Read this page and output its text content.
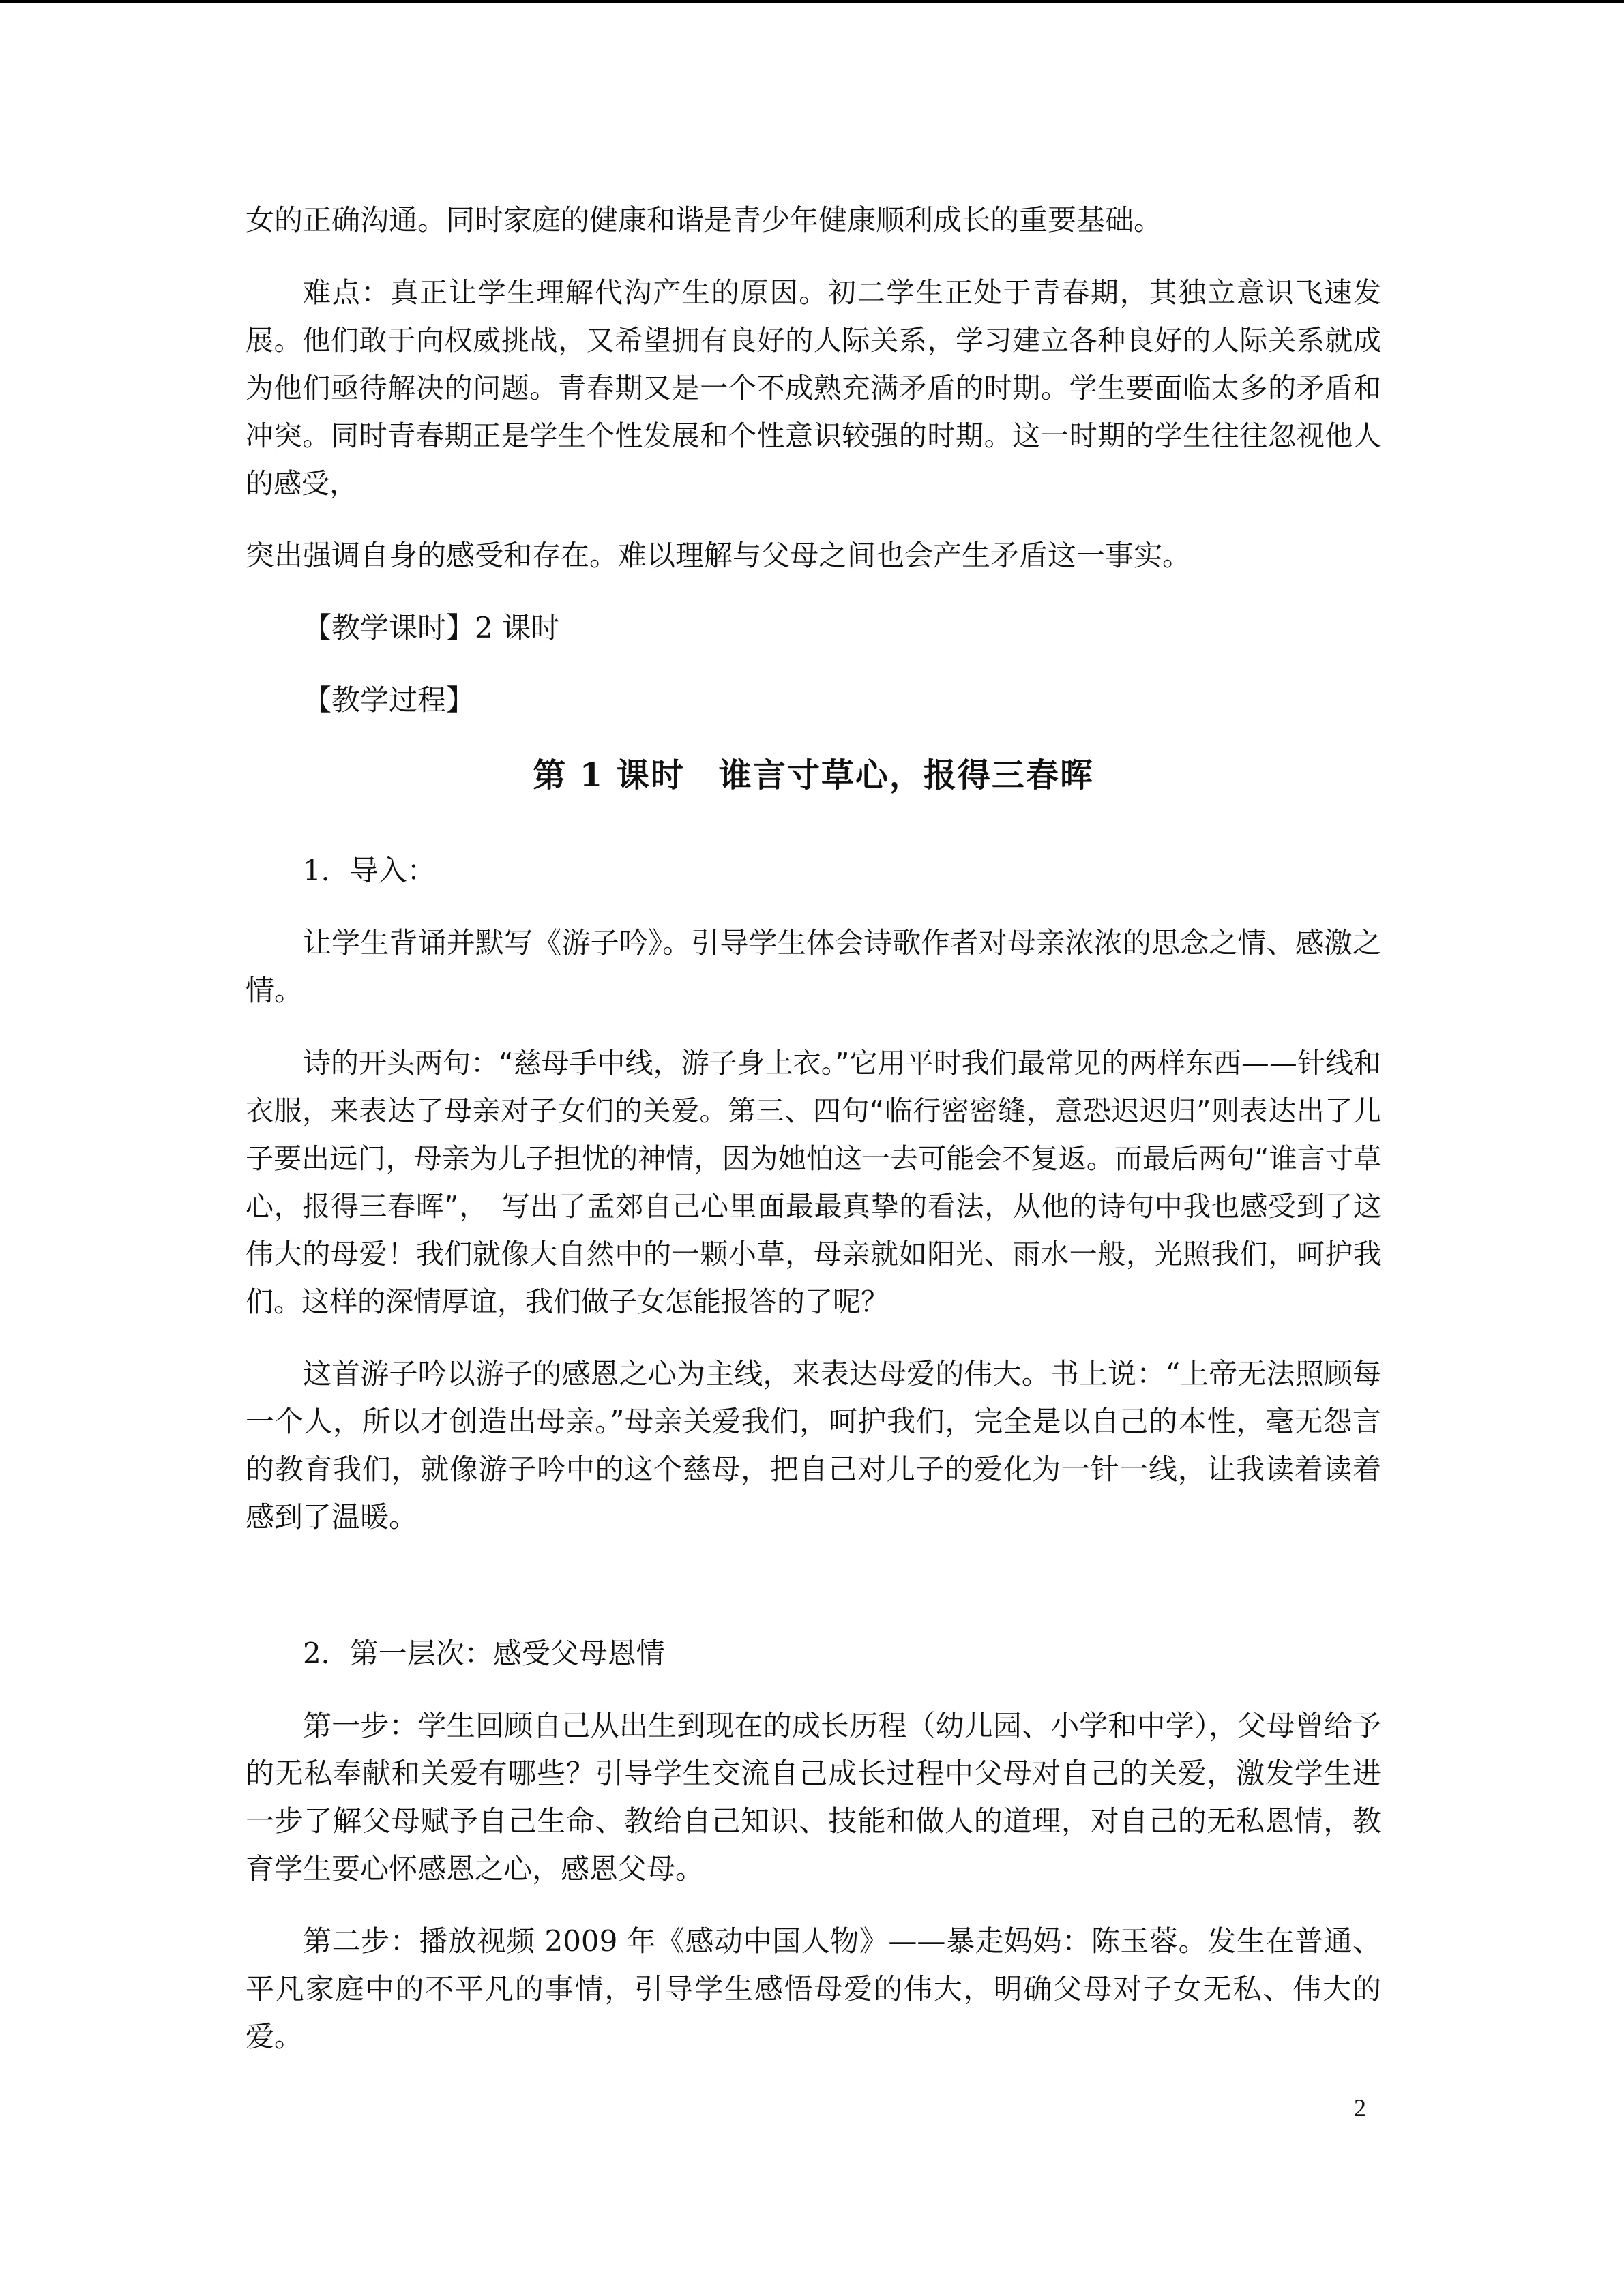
女的正确沟通。同时家庭的健康和谐是青少年健康顺利成长的重要基础。

难点：真正让学生理解代沟产生的原因。初二学生正处于青春期，其独立意识飞速发展。他们敢于向权威挑战，又希望拥有良好的人际关系，学习建立各种良好的人际关系就成为他们亟待解决的问题。青春期又是一个不成熟充满矛盾的时期。学生要面临太多的矛盾和冲突。同时青春期正是学生个性发展和个性意识较强的时期。这一时期的学生往往忽视他人的感受，

突出强调自身的感受和存在。难以理解与父母之间也会产生矛盾这一事实。

【教学课时】2 课时

【教学过程】

第 1 课时　谁言寸草心，报得三春晖

1．导入：

让学生背诵并默写《游子吟》。引导学生体会诗歌作者对母亲浓浓的思念之情、感激之情。

诗的开头两句：“慈母手中线，游子身上衣。”它用平时我们最常见的两样东西——针线和衣服，来表达了母亲对子女们的关爱。第三、四句“临行密密缝，意恐迟迟归”则表达出了儿子要出远门，母亲为儿子担忧的神情，因为她怕这一去可能会不复返。而最后两句“谁言寸草心，报得三春晖”，　写出了孟郊自己心里面最最真挚的看法，从他的诗句中我也感受到了这伟大的母爱！我们就像大自然中的一颗小草，母亲就如阳光、雨水一般，光照我们，呵护我们。这样的深情厚谊，我们做子女怎能报答的了呢？

这首游子吟以游子的感恩之心为主线，来表达母爱的伟大。书上说：“上帝无法照顾每一个人，所以才创造出母亲。”母亲关爱我们，呵护我们，完全是以自己的本性，毫无怨言的教育我们，就像游子吟中的这个慈母，把自己对儿子的爱化为一针一线，让我读着读着感到了温暖。

2．第一层次：感受父母恩情

第一步：学生回顾自己从出生到现在的成长历程（幼儿园、小学和中学），父母曾给予的无私奉献和关爱有哪些？引导学生交流自己成长过程中父母对自己的关爱，激发学生进一步了解父母赋予自己生命、教给自己知识、技能和做人的道理，对自己的无私恩情，教育学生要心怀感恩之心，感恩父母。

第二步：播放视频 2009 年《感动中国人物》——暴走妈妈：陈玉蓉。发生在普通、平凡家庭中的不平凡的事情，引导学生感悟母爱的伟大，明确父母对子女无私、伟大的爱。

2
